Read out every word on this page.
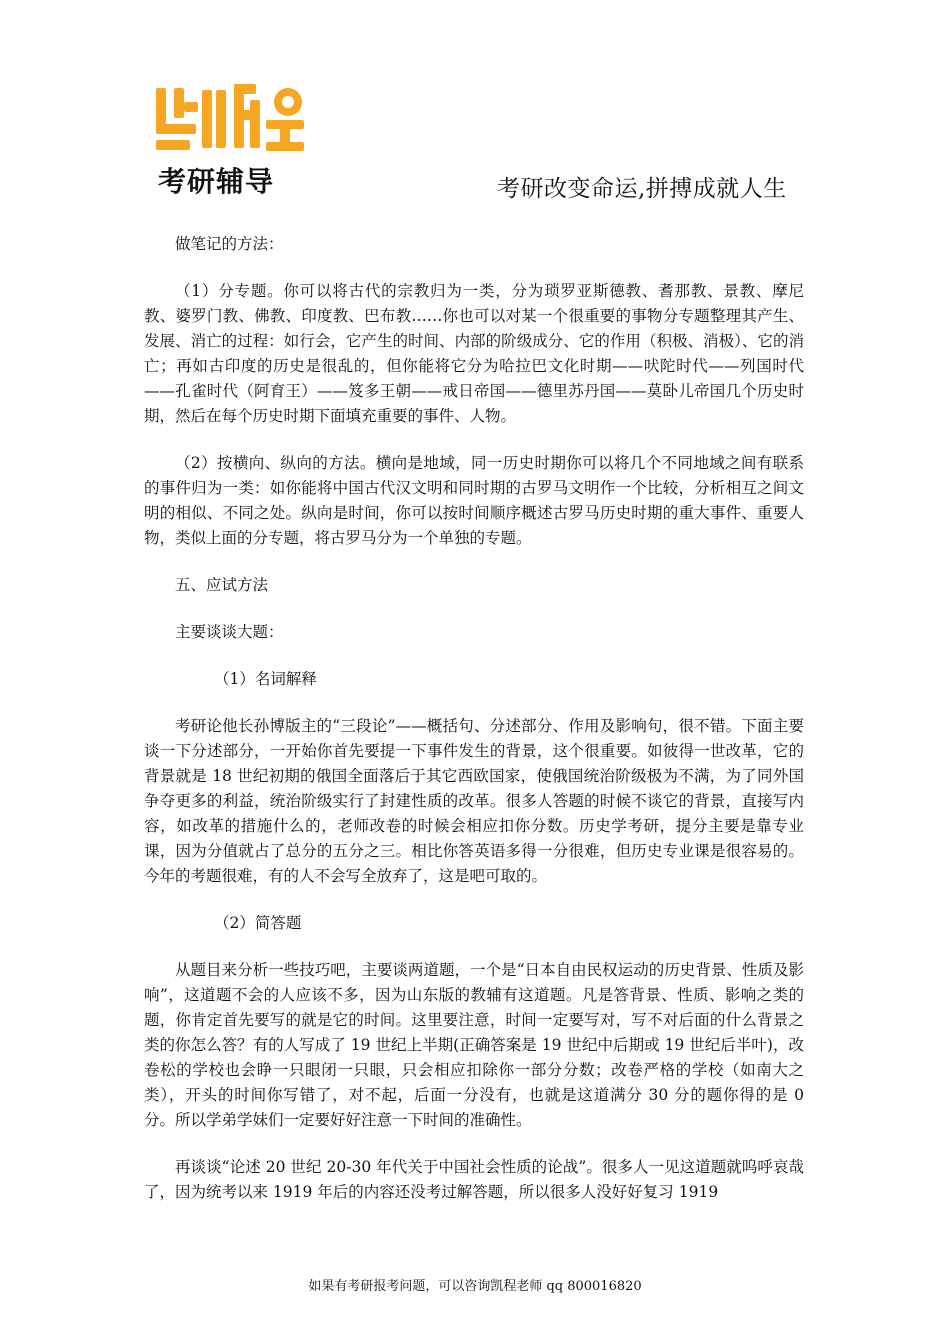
考研辅导	考研改变命运,拼搏成就人生

做笔记的方法：

（1）分专题。你可以将古代的宗教归为一类，分为琐罗亚斯德教、耆那教、景教、摩尼教、婆罗门教、佛教、印度教、巴布教……你也可以对某一个很重要的事物分专题整理其产生、发展、消亡的过程：如行会，它产生的时间、内部的阶级成分、它的作用（积极、消极）、它的消亡；再如古印度的历史是很乱的，但你能将它分为哈拉巴文化时期——吠陀时代——列国时代——孔雀时代（阿育王）——笈多王朝——戒日帝国——德里苏丹国——莫卧儿帝国几个历史时期，然后在每个历史时期下面填充重要的事件、人物。

（2）按横向、纵向的方法。横向是地域，同一历史时期你可以将几个不同地域之间有联系的事件归为一类：如你能将中国古代汉文明和同时期的古罗马文明作一个比较，分析相互之间文明的相似、不同之处。纵向是时间，你可以按时间顺序概述古罗马历史时期的重大事件、重要人物，类似上面的分专题，将古罗马分为一个单独的专题。

五、应试方法

主要谈谈大题：

（1）名词解释

考研论他长孙博版主的“三段论”——概括句、分述部分、作用及影响句，很不错。下面主要谈一下分述部分，一开始你首先要提一下事件发生的背景，这个很重要。如彼得一世改革，它的背景就是 18 世纪初期的俄国全面落后于其它西欧国家，使俄国统治阶级极为不满，为了同外国争夺更多的利益，统治阶级实行了封建性质的改革。很多人答题的时候不谈它的背景，直接写内容，如改革的措施什么的，老师改卷的时候会相应扣你分数。历史学考研，提分主要是靠专业课，因为分值就占了总分的五分之三。相比你答英语多得一分很难，但历史专业课是很容易的。今年的考题很难，有的人不会写全放弃了，这是吧可取的。

（2）简答题

从题目来分析一些技巧吧，主要谈两道题，一个是“日本自由民权运动的历史背景、性质及影响”，这道题不会的人应该不多，因为山东版的教辅有这道题。凡是答背景、性质、影响之类的题，你肯定首先要写的就是它的时间。这里要注意，时间一定要写对，写不对后面的什么背景之类的你怎么答？有的人写成了 19 世纪上半期(正确答案是 19 世纪中后期或 19 世纪后半叶)，改卷松的学校也会睁一只眼闭一只眼，只会相应扣除你一部分分数；改卷严格的学校（如南大之类），开头的时间你写错了，对不起，后面一分没有，也就是这道满分 30 分的题你得的是 0 分。所以学弟学妹们一定要好好注意一下时间的准确性。

再谈谈“论述 20 世纪 20-30 年代关于中国社会性质的论战”。很多人一见这道题就呜呼哀哉了，因为统考以来 1919 年后的内容还没考过解答题，所以很多人没好好复习 1919

如果有考研报考问题，可以咨询凯程老师 qq 800016820
